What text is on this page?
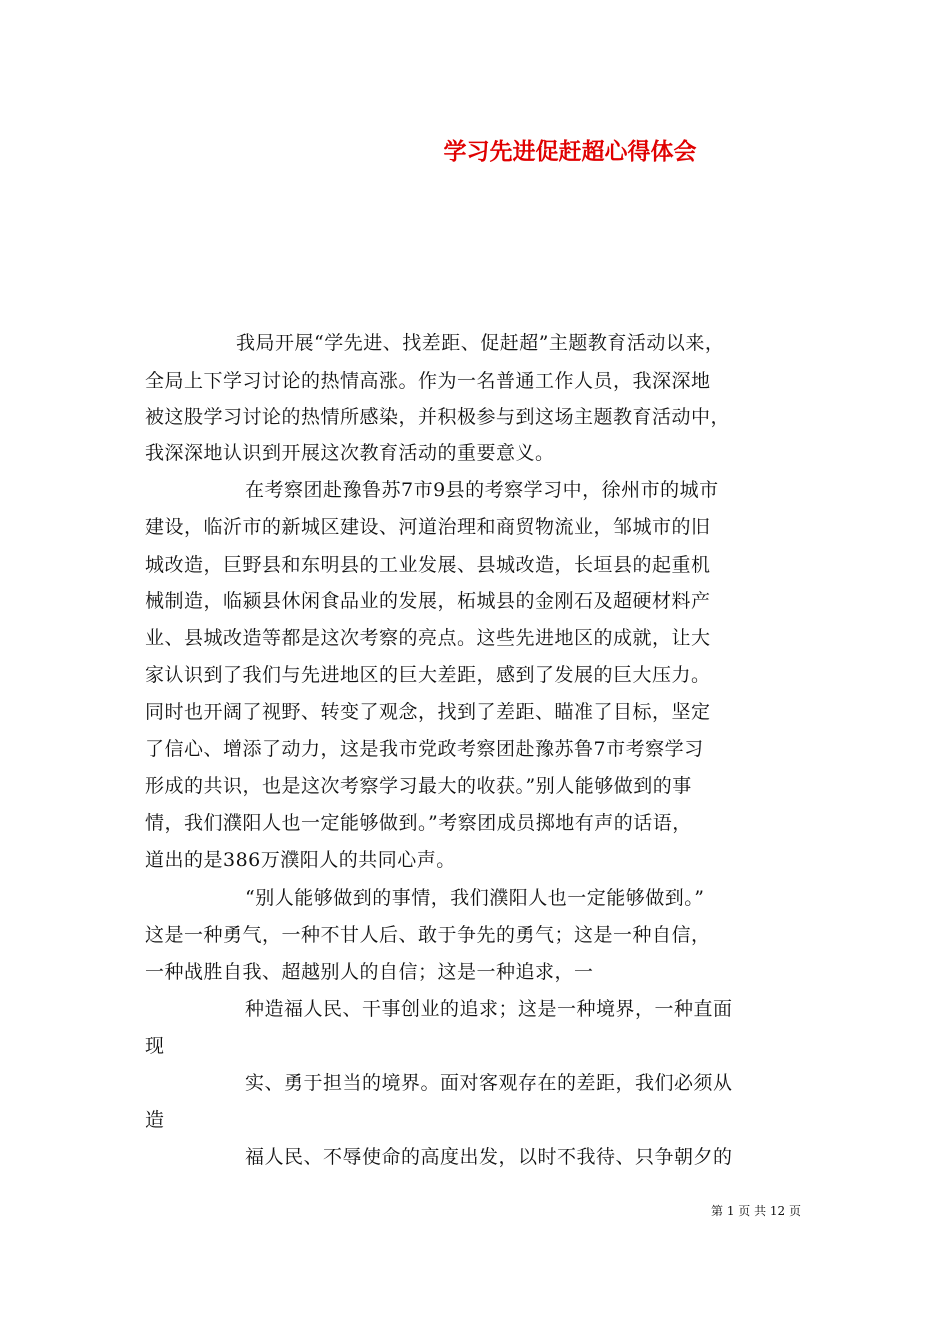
学习先进促赶超心得体会
我局开展“学先进、找差距、促赶超”主题教育活动以来，
全局上下学习讨论的热情高涨。作为一名普通工作人员，我深深地
被这股学习讨论的热情所感染，并积极参与到这场主题教育活动中，
我深深地认识到开展这次教育活动的重要意义。
在考察团赴豫鲁苏7市9县的考察学习中，徐州市的城市
建设，临沂市的新城区建设、河道治理和商贸物流业，邹城市的旧
城改造，巨野县和东明县的工业发展、县城改造，长垣县的起重机
械制造，临颍县休闲食品业的发展，柘城县的金刚石及超硬材料产
业、县城改造等都是这次考察的亮点。这些先进地区的成就，让大
家认识到了我们与先进地区的巨大差距，感到了发展的巨大压力。
同时也开阔了视野、转变了观念，找到了差距、瞄准了目标，坚定
了信心、增添了动力，这是我市党政考察团赴豫苏鲁7市考察学习
形成的共识，也是这次考察学习最大的收获。”别人能够做到的事
情，我们濮阳人也一定能够做到。”考察团成员掷地有声的话语，
道出的是386万濮阳人的共同心声。
“别人能够做到的事情，我们濮阳人也一定能够做到。”
这是一种勇气，一种不甘人后、敢于争先的勇气；这是一种自信，
一种战胜自我、超越别人的自信；这是一种追求，一
种造福人民、干事创业的追求；这是一种境界，一种直面
现
实、勇于担当的境界。面对客观存在的差距，我们必须从
造
福人民、不辱使命的高度出发，以时不我待、只争朝夕的
第 1 页 共 12 页
